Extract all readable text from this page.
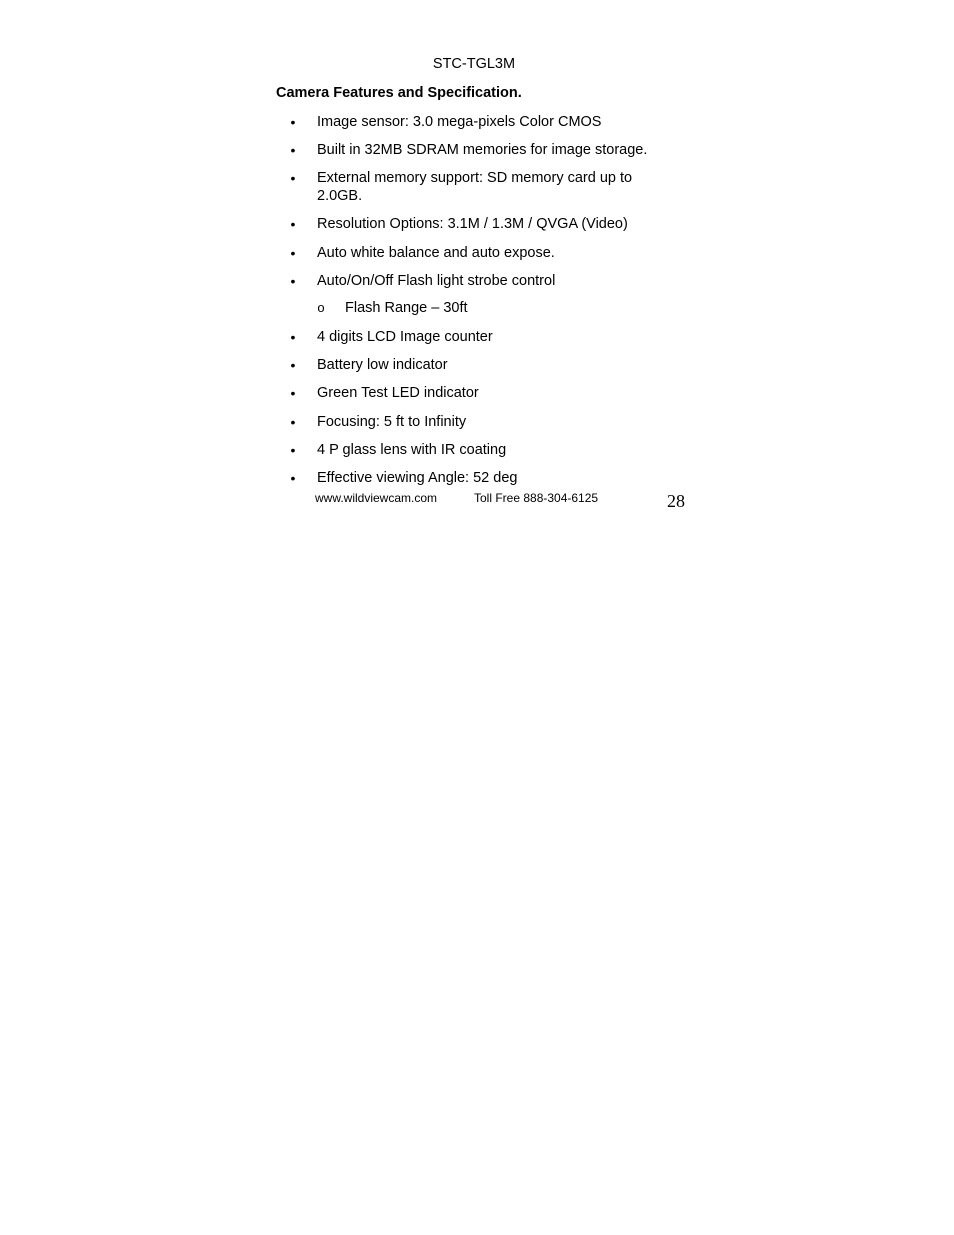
STC-TGL3M
Camera Features and Specification.
• Image sensor: 3.0 mega-pixels Color CMOS
• Built in 32MB SDRAM memories for image storage.
• External memory support: SD memory card up to
2.0GB.
• Resolution Options: 3.1M / 1.3M / QVGA (Video)
• Auto white balance and auto expose.
• Auto/On/Off Flash light strobe control
o Flash Range – 30ft
• 4 digits LCD Image counter
• Battery low indicator
• Green Test LED indicator
• Focusing: 5 ft to Infinity
• 4 P glass lens with IR coating
• Effective viewing Angle: 52 deg
www.wildviewcam.com	Toll Free 888-304-6125	28
